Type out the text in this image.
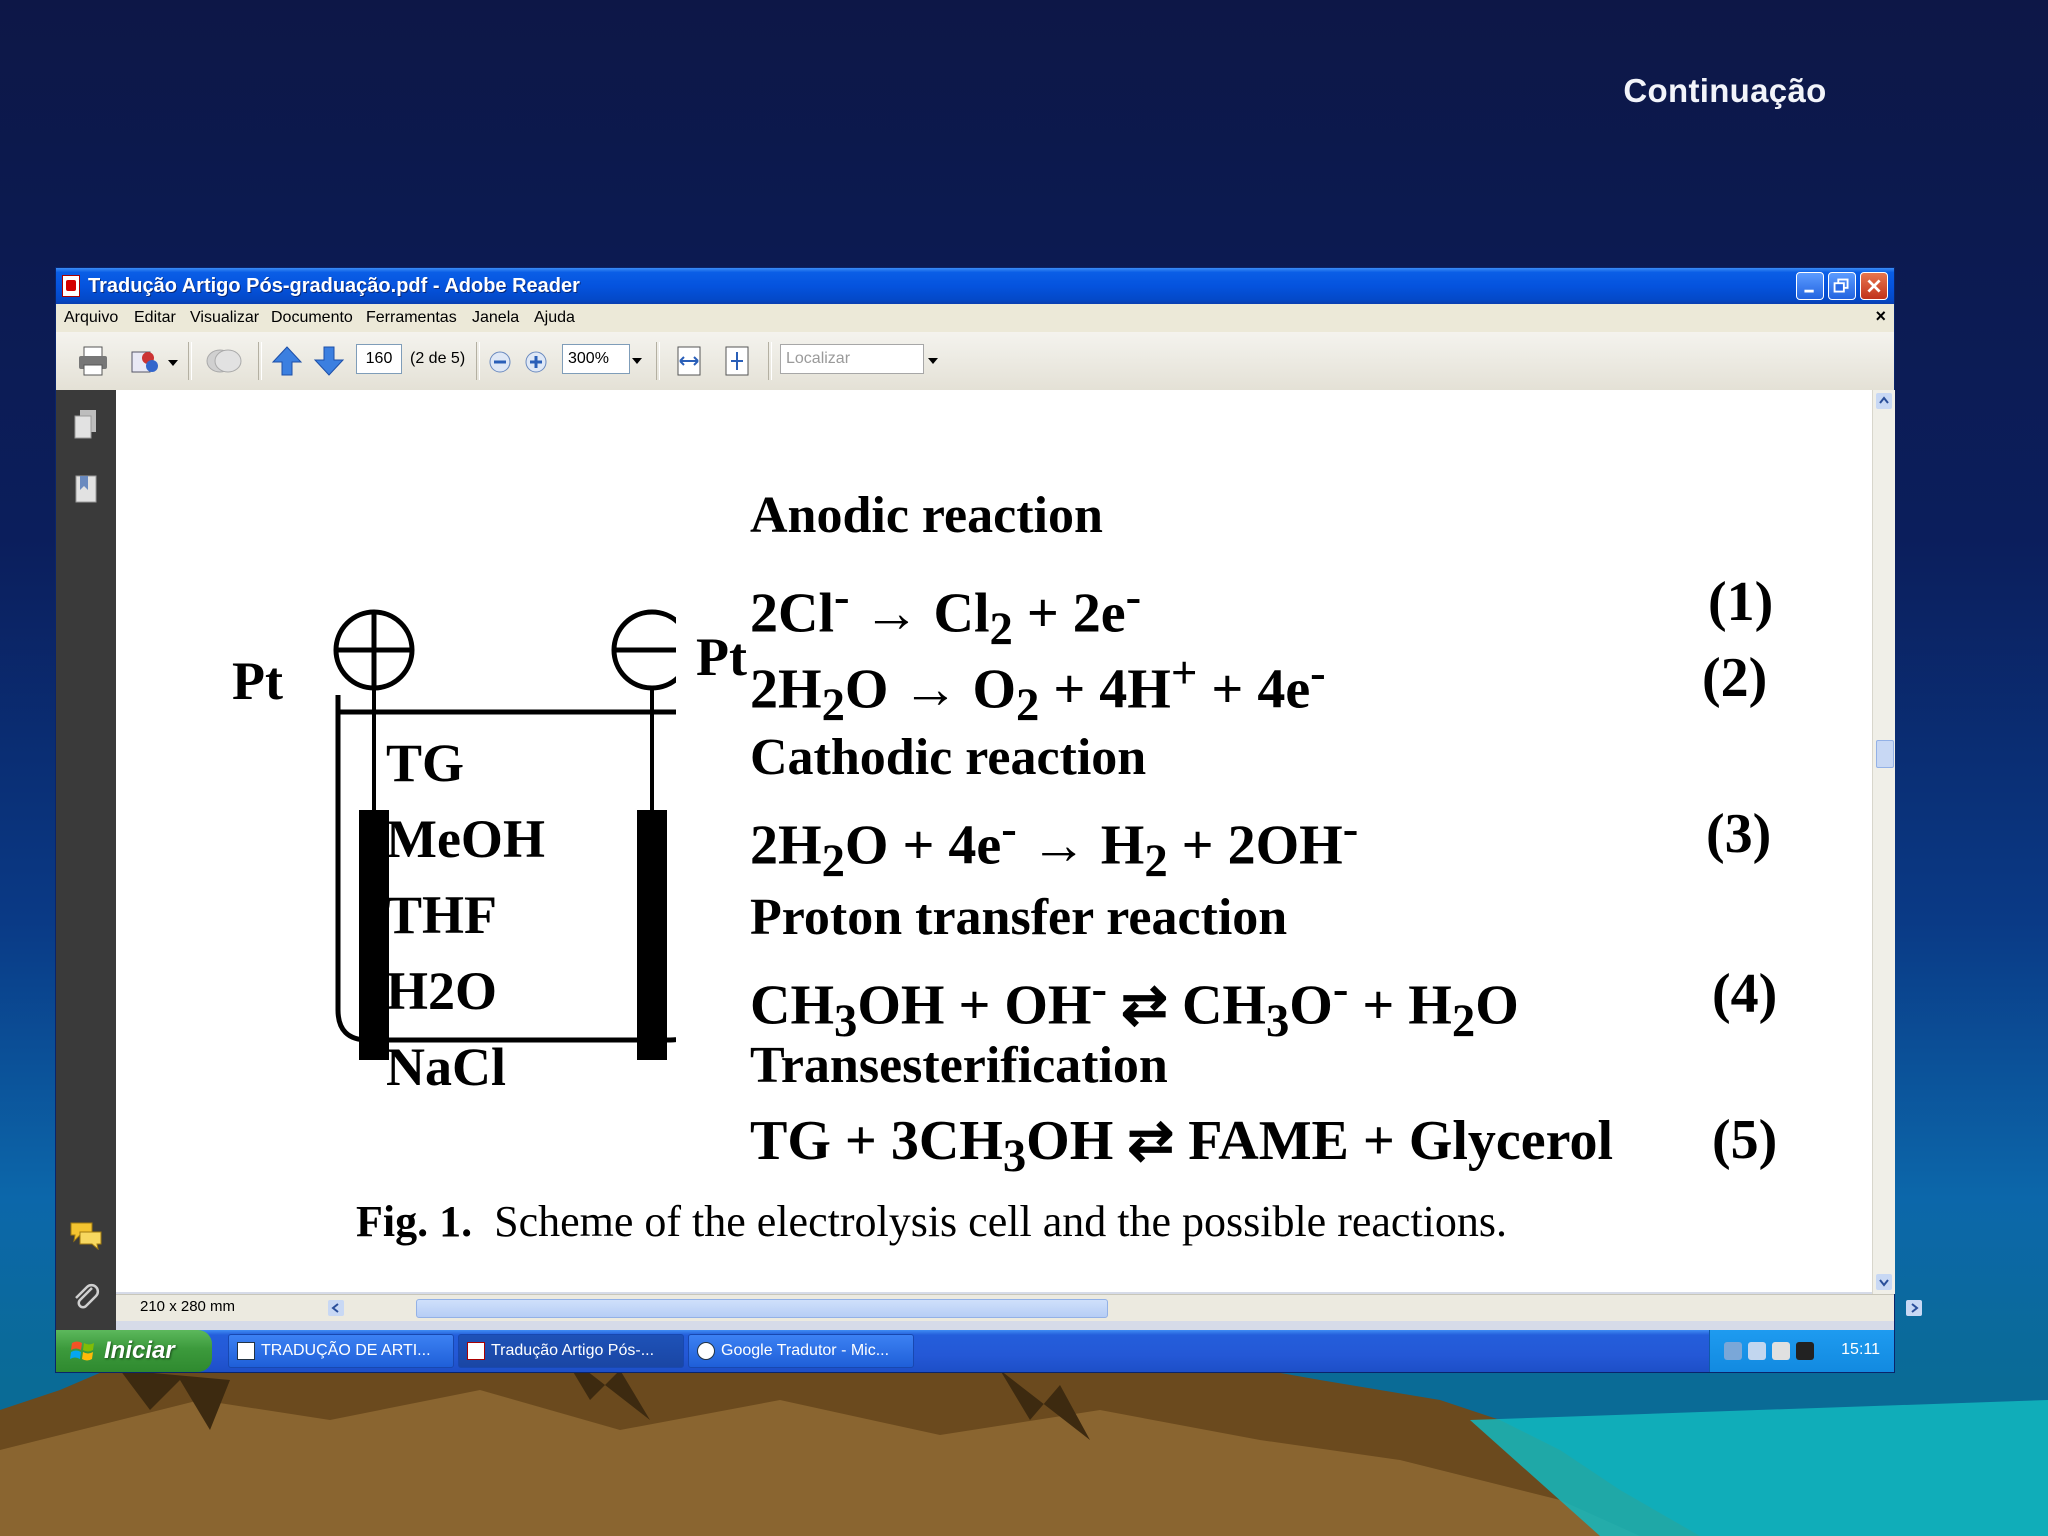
Continuação
Tradução Artigo Pós-graduação.pdf - Adobe Reader
Arquivo Editar Visualizar Documento Ferramentas Janela Ajuda	×
160	(2 de 5)	300%	Localizar
Pt	Pt
TG
MeOH
THF
H2O
NaCl
Anodic reaction
$2Cl^- \to Cl_2 + 2e^-$	(1)
$2H_2O \to O_2 + 4H^+ + 4e^-$	(2)
Cathodic reaction
$2H_2O + 4e^- \to H_2 + 2OH^-$	(3)
Proton transfer reaction
$CH_3OH + OH^-$ ⇄ $CH_3O^- + H_2O$	(4)
Transesterification
TG + $3CH_3OH$ ⇄ FAME + Glycerol (5)
Fig. 1. Scheme of the electrolysis cell and the possible reactions.
210 x 280 mm
Iniciar	TRADUÇÃO DE ARTI...	Tradução Artigo Pós-...	Google Tradutor - Mic...	15:11
